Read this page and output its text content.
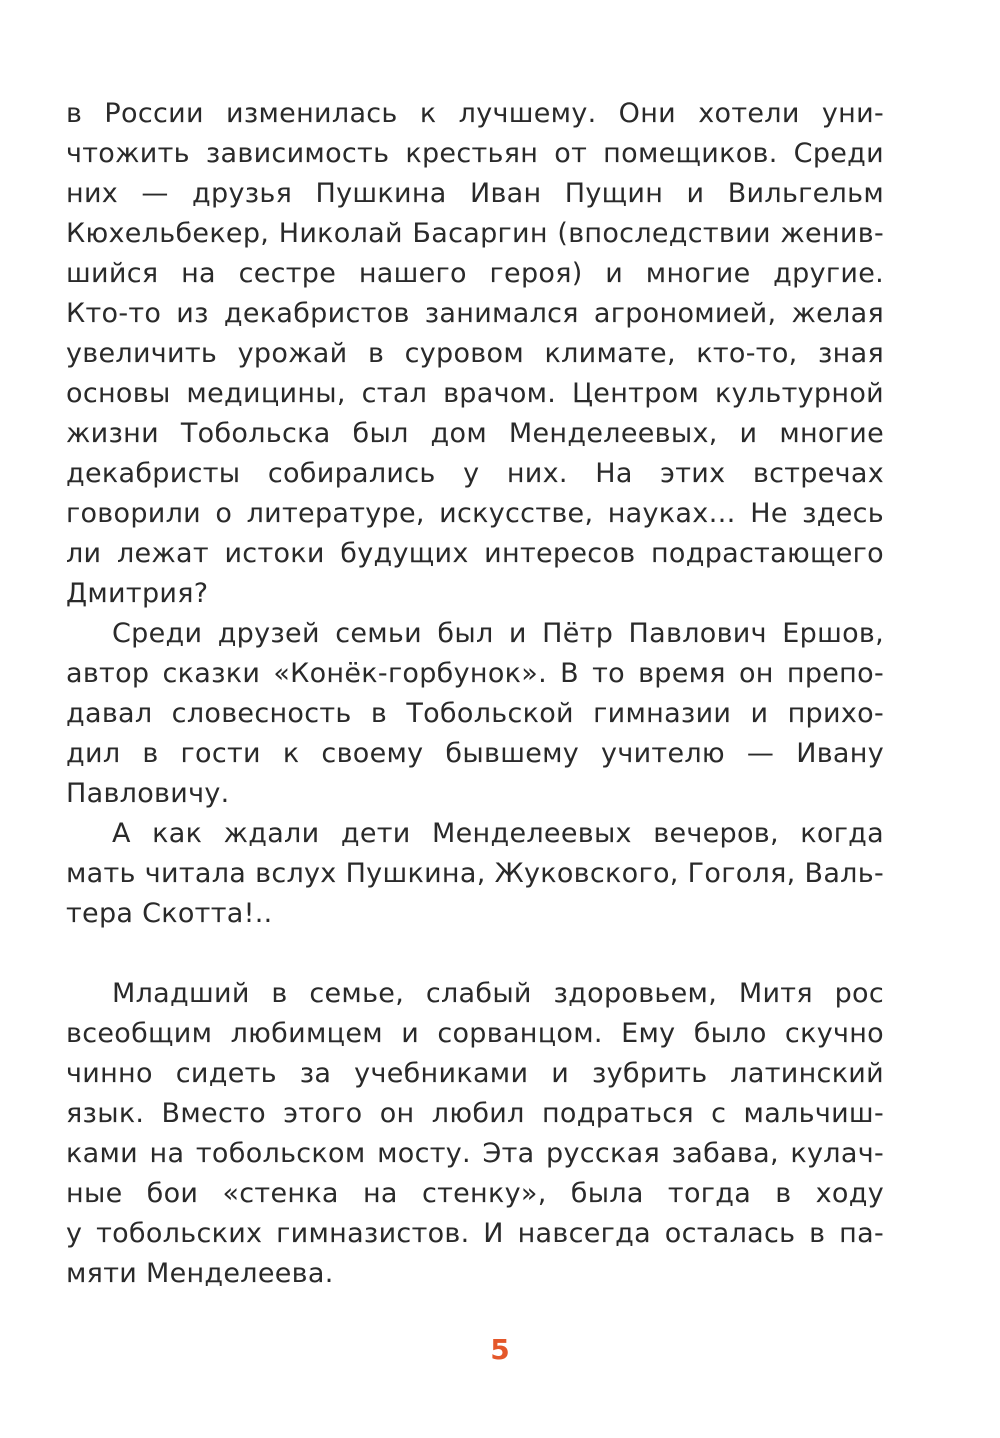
в России изменилась к лучшему. Они хотели уни-
чтожить зависимость крестьян от помещиков. Среди
них — друзья Пушкина Иван Пущин и Вильгельм
Кюхельбекер, Николай Басаргин (впоследствии женив-
шийся на сестре нашего героя) и многие другие.
Кто-то из декабристов занимался агрономией, желая
увеличить урожай в суровом климате, кто-то, зная
основы медицины, стал врачом. Центром культурной
жизни Тобольска был дом Менделеевых, и многие
декабристы собирались у них. На этих встречах
говорили о литературе, искусстве, науках… Не здесь
ли лежат истоки будущих интересов подрастающего
Дмитрия?
Среди друзей семьи был и Пётр Павлович Ершов,
автор сказки «Конёк-горбунок». В то время он препо-
давал словесность в Тобольской гимназии и прихо-
дил в гости к своему бывшему учителю — Ивану
Павловичу.
А как ждали дети Менделеевых вечеров, когда
мать читала вслух Пушкина, Жуковского, Гоголя, Валь-
тера Скотта!..
Младший в семье, слабый здоровьем, Митя рос
всеобщим любимцем и сорванцом. Ему было скучно
чинно сидеть за учебниками и зубрить латинский
язык. Вместо этого он любил подраться с мальчиш-
ками на тобольском мосту. Эта русская забава, кулач-
ные бои «стенка на стенку», была тогда в ходу
у тобольских гимназистов. И навсегда осталась в па-
мяти Менделеева.
5
